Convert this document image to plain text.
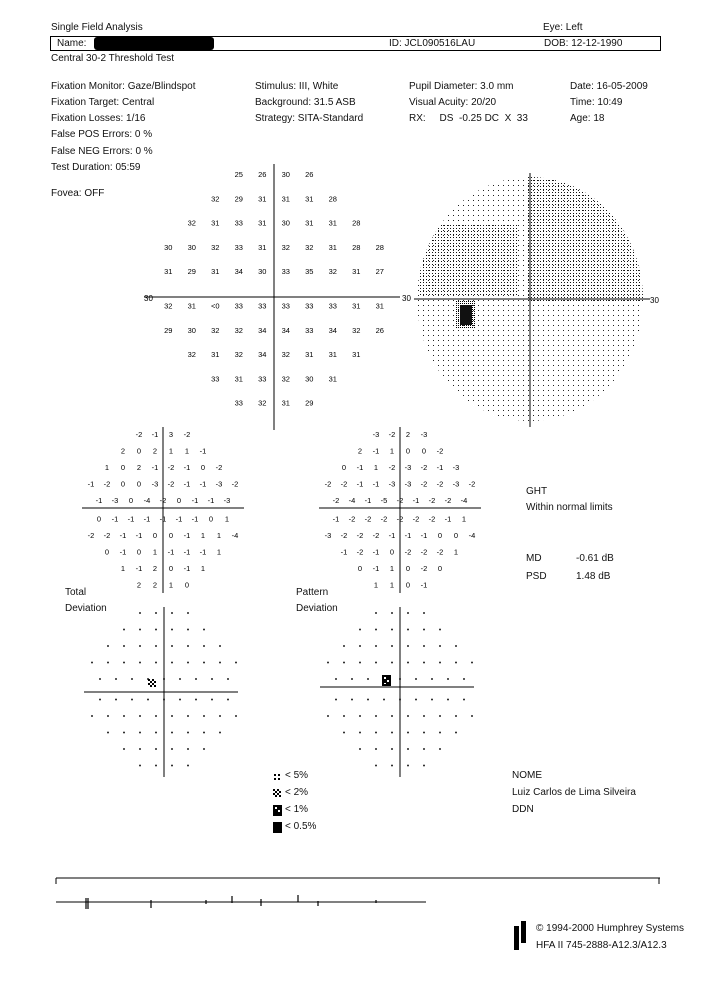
Single Field Analysis	Eye: Left
Name:	ID: JCL090516LAU	DOB: 12-12-1990
Central 30-2 Threshold Test
Fixation Monitor: Gaze/Blindspot
Fixation Target: Central
Fixation Losses: 1/16
False POS Errors: 0 %
False NEG Errors: 0 %
Test Duration: 05:59
Fovea: OFF
Stimulus: III, White
Background: 31.5 ASB
Strategy: SITA-Standard
Pupil Diameter: 3.0 mm
Visual Acuity: 20/20
RX:     DS  -0.25 DC  X  33
Date: 16-05-2009
Time: 10:49
Age: 18
30	30
25 26 30 26
32 29 31 31 31 28
32 31 33 31 30 31 31 28
30 30 32 33 31 32 32 31 28 28
31 29 31 34 30 33 35 32 31 27
32 31 <0 33 33 33 33 33 31 31
29 30 32 32 34 34 33 34 32 26
32 31 32 34 32 31 31 31
33 31 33 32 30 31
33 32 31 29
30
-2 -1 3 -2
2 0 2 1 1 -1
1 0 2 -1 -2 -1 0 -2
-1 -2 0 0 -3 -2 -1 -1 -3 -2
-1 -3 0 -4 -2 0 -1 -1 -3
0 -1 -1 -1 -1 -1 -1 0 1
-2 -2 -1 -1 0 0 -1 1 1 -4
0 -1 0 1 -1 -1 -1 1
1 -1 2 0 -1 1
2 2 1 0
-3 -2 2 -3
2 -1 1 0 0 -2
0 -1 1 -2 -3 -2 -1 -3
-2 -2 -1 -1 -3 -3 -2 -2 -3 -2
-2 -4 -1 -5 -2 -1 -2 -2 -4
-1 -2 -2 -2 -2 -2 -2 -1 1
-3 -2 -2 -2 -1 -1 -1 0 0 -4
-1 -2 -1 0 -2 -2 -2 1
0 -1 1 0 -2 0
1 1 0 -1
Total
Deviation
Pattern
Deviation
GHT
Within normal limits
MD	-0.61 dB
PSD	1.48 dB
< 5%
< 2%
< 1%
< 0.5%
NOME
Luiz Carlos de Lima Silveira
DDN
© 1994-2000 Humphrey Systems
HFA II 745-2888-A12.3/A12.3
